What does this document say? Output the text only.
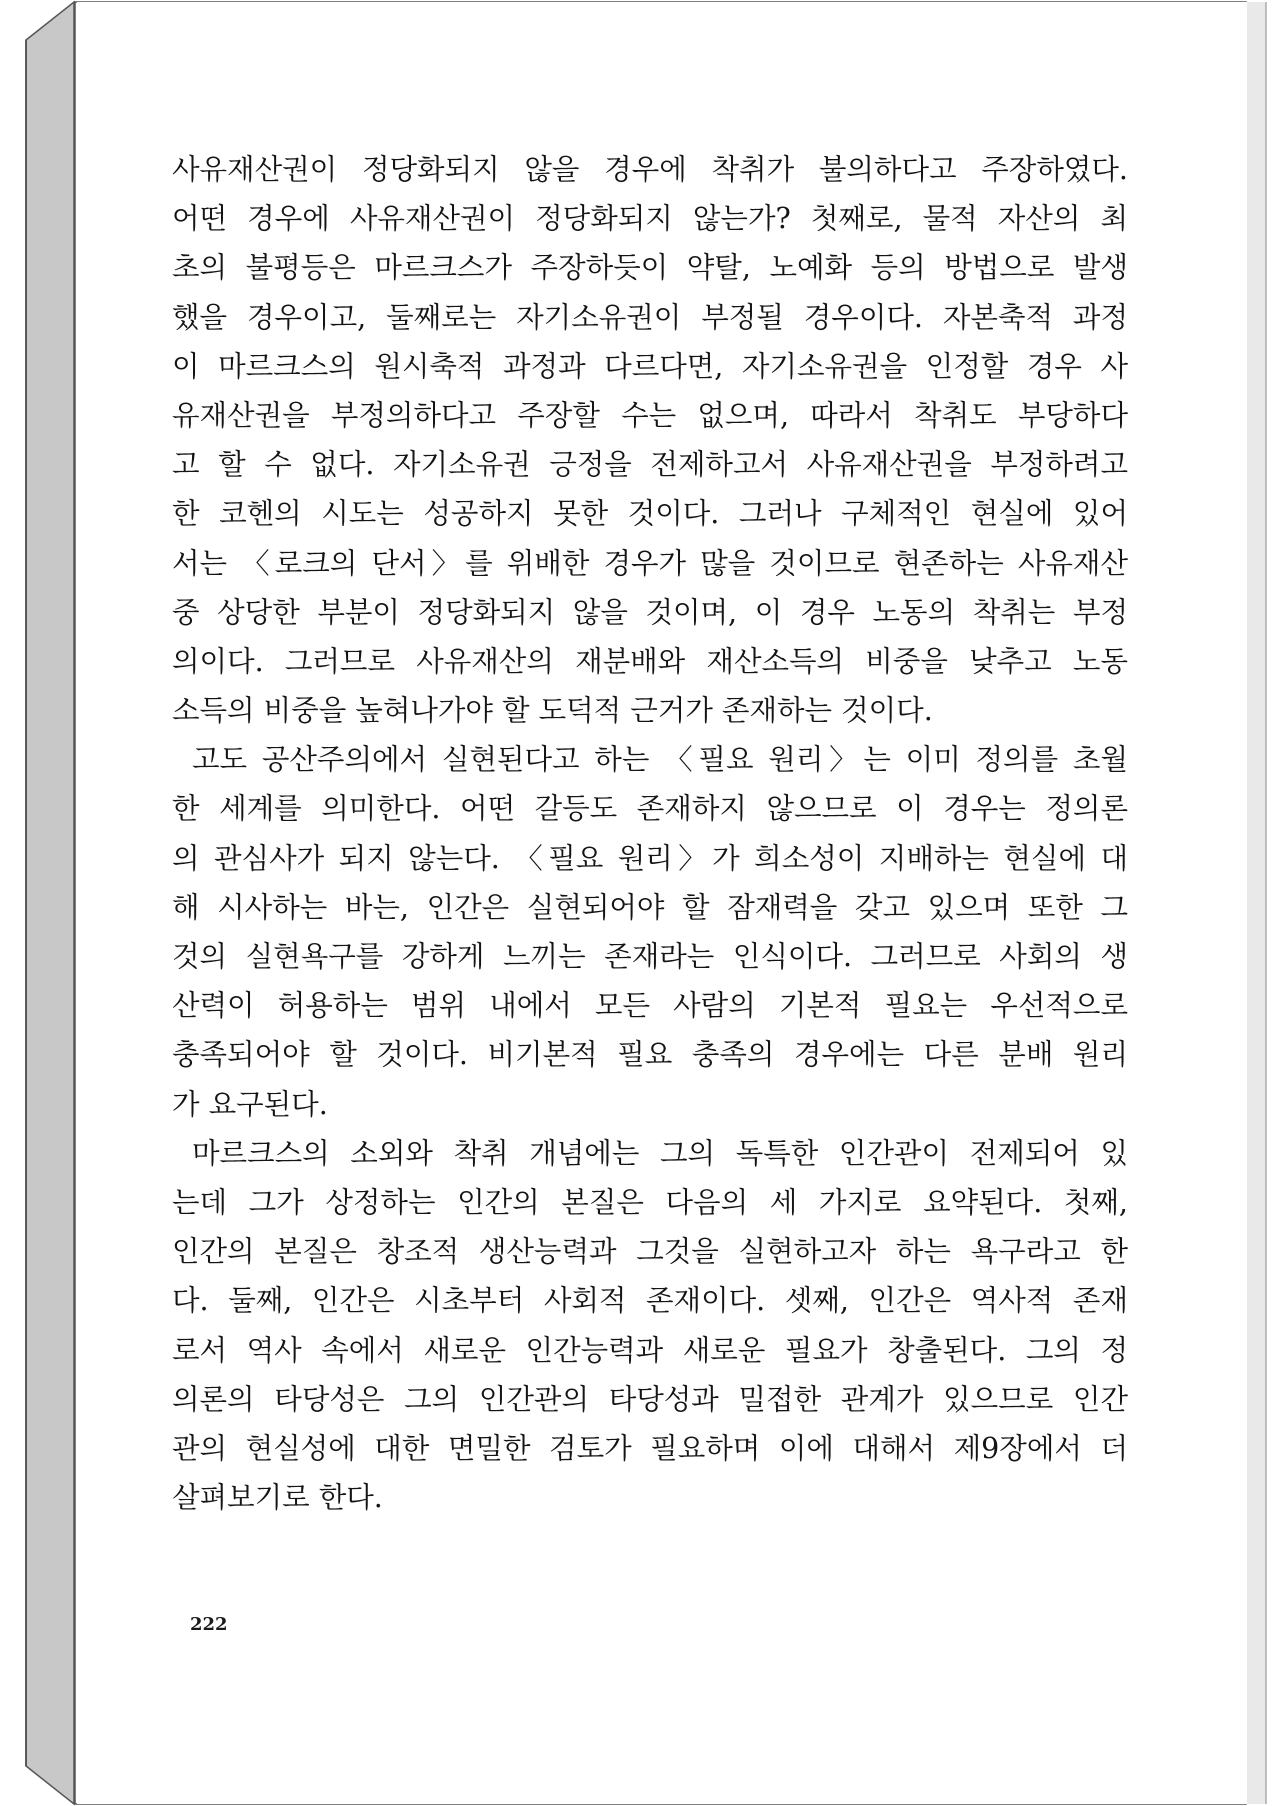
사유재산권이 정당화되지 않을 경우에 착취가 불의하다고 주장하였다.
어떤 경우에 사유재산권이 정당화되지 않는가? 첫째로, 물적 자산의 최
초의 불평등은 마르크스가 주장하듯이 약탈, 노예화 등의 방법으로 발생
했을 경우이고, 둘째로는 자기소유권이 부정될 경우이다. 자본축적 과정
이 마르크스의 원시축적 과정과 다르다면, 자기소유권을 인정할 경우 사
유재산권을 부정의하다고 주장할 수는 없으며, 따라서 착취도 부당하다
고 할 수 없다. 자기소유권 긍정을 전제하고서 사유재산권을 부정하려고
한 코헨의 시도는 성공하지 못한 것이다. 그러나 구체적인 현실에 있어
서는 〈로크의 단서〉를 위배한 경우가 많을 것이므로 현존하는 사유재산
중 상당한 부분이 정당화되지 않을 것이며, 이 경우 노동의 착취는 부정
의이다. 그러므로 사유재산의 재분배와 재산소득의 비중을 낮추고 노동
소득의 비중을 높혀나가야 할 도덕적 근거가 존재하는 것이다.
고도 공산주의에서 실현된다고 하는 〈필요 원리〉는 이미 정의를 초월
한 세계를 의미한다. 어떤 갈등도 존재하지 않으므로 이 경우는 정의론
의 관심사가 되지 않는다. 〈필요 원리〉가 희소성이 지배하는 현실에 대
해 시사하는 바는, 인간은 실현되어야 할 잠재력을 갖고 있으며 또한 그
것의 실현욕구를 강하게 느끼는 존재라는 인식이다. 그러므로 사회의 생
산력이 허용하는 범위 내에서 모든 사람의 기본적 필요는 우선적으로
충족되어야 할 것이다. 비기본적 필요 충족의 경우에는 다른 분배 원리
가 요구된다.
마르크스의 소외와 착취 개념에는 그의 독특한 인간관이 전제되어 있
는데 그가 상정하는 인간의 본질은 다음의 세 가지로 요약된다. 첫째,
인간의 본질은 창조적 생산능력과 그것을 실현하고자 하는 욕구라고 한
다. 둘째, 인간은 시초부터 사회적 존재이다. 셋째, 인간은 역사적 존재
로서 역사 속에서 새로운 인간능력과 새로운 필요가 창출된다. 그의 정
의론의 타당성은 그의 인간관의 타당성과 밀접한 관계가 있으므로 인간
관의 현실성에 대한 면밀한 검토가 필요하며 이에 대해서 제9장에서 더
살펴보기로 한다.
222
